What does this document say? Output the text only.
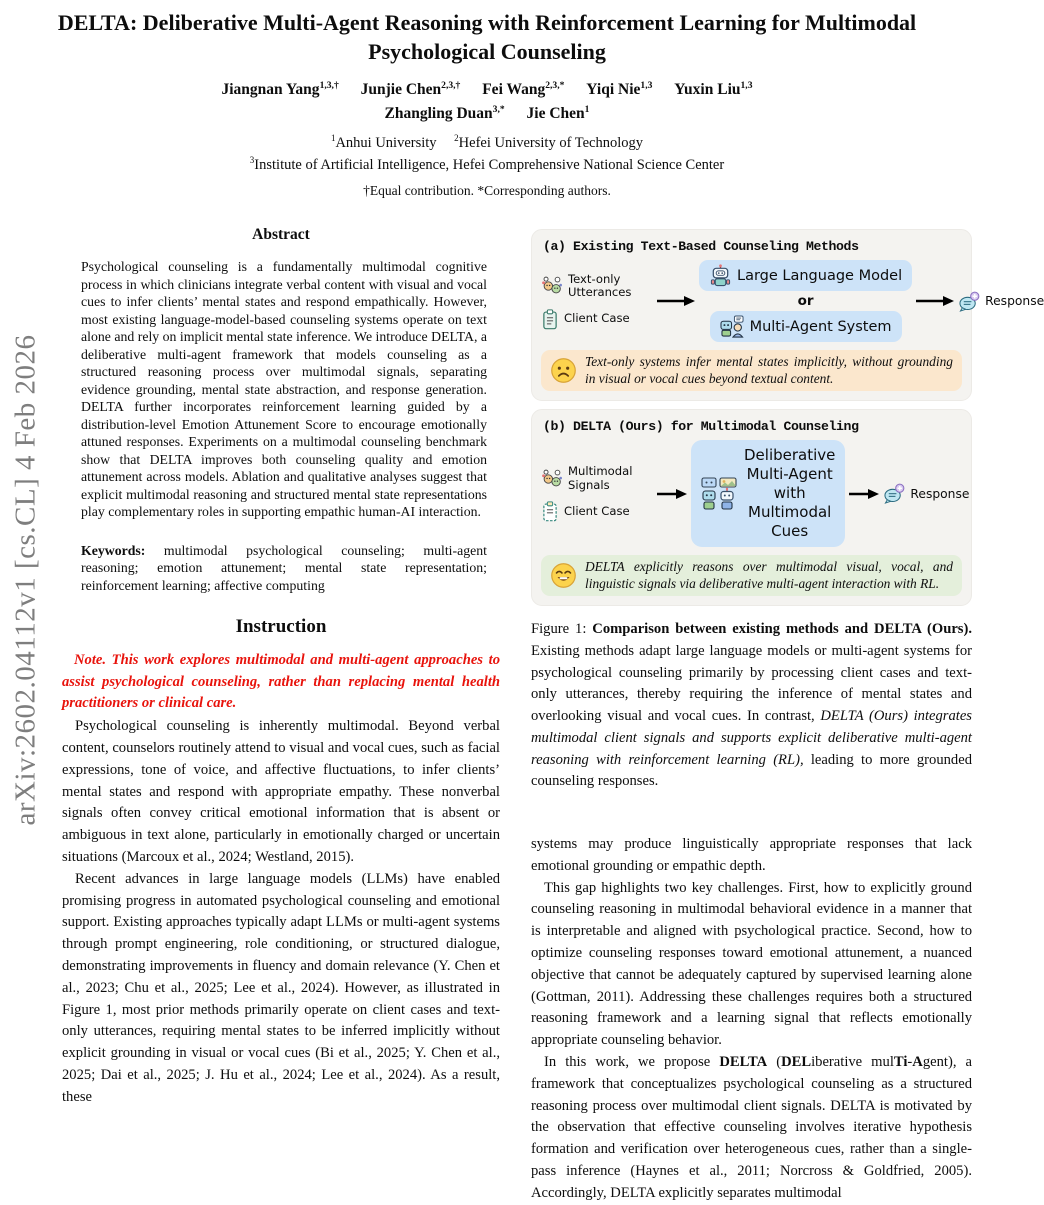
arXiv:2602.04112v1 [cs.CL] 4 Feb 2026
DELTA: Deliberative Multi-Agent Reasoning with Reinforcement Learning for Multimodal Psychological Counseling
Jiangnan Yang$^{1,3,\dagger}$ Junjie Chen$^{2,3,\dagger}$ Fei Wang$^{2,3,*}$ Yiqi Nie$^{1,3}$ Yuxin Liu$^{1,3}$
Zhangling Duan$^{3,*}$ Jie Chen$^1$
$^1$Anhui University $^2$Hefei University of Technology
$^3$Institute of Artificial Intelligence, Hefei Comprehensive National Science Center
†Equal contribution. *Corresponding authors.
Abstract

Psychological counseling is a fundamentally multimodal cognitive process in which clinicians integrate verbal content with visual and vocal cues to infer clients’ mental states and respond empathically. However, most existing language-model-based counseling systems operate on text alone and rely on implicit mental state inference. We introduce DELTA, a deliberative multi-agent framework that models counseling as a structured reasoning process over multimodal signals, separating evidence grounding, mental state abstraction, and response generation. DELTA further incorporates reinforcement learning guided by a distribution-level Emotion Attunement Score to encourage emotionally attuned responses. Experiments on a multimodal counseling benchmark show that DELTA improves both counseling quality and emotion attunement across models. Ablation and qualitative analyses suggest that explicit multimodal reasoning and structured mental state representations play complementary roles in supporting empathic human-AI interaction.

Keywords: multimodal psychological counseling; multi-agent reasoning; emotion attunement; mental state representation; reinforcement learning; affective computing

Instruction

Note. This work explores multimodal and multi-agent approaches to assist psychological counseling, rather than replacing mental health practitioners or clinical care.

Psychological counseling is inherently multimodal. Beyond verbal content, counselors routinely attend to visual and vocal cues, such as facial expressions, tone of voice, and affective fluctuations, to infer clients’ mental states and respond with appropriate empathy. These nonverbal signals often convey critical emotional information that is absent or ambiguous in text alone, particularly in emotionally charged or uncertain situations (Marcoux et al., 2024; Westland, 2015).

Recent advances in large language models (LLMs) have enabled promising progress in automated psychological counseling and emotional support. Existing approaches typically adapt LLMs or multi-agent systems through prompt engineering, role conditioning, or structured dialogue, demonstrating improvements in fluency and domain relevance (Y. Chen et al., 2023; Chu et al., 2025; Lee et al., 2024). However, as illustrated in Figure 1, most prior methods primarily operate on client cases and text-only utterances, requiring mental states to be inferred implicitly without explicit grounding in visual or vocal cues (Bi et al., 2025; Y. Chen et al., 2025; Dai et al., 2025; J. Hu et al., 2024; Lee et al., 2024). As a result, these

(a) Existing Text-Based Counseling Methods
Text-only
Utterances
Client Case
Large Language Model
or
Multi-Agent System
Response
Text-only systems infer mental states implicitly, without grounding in visual or vocal cues beyond textual content.
(b) DELTA (Ours) for Multimodal Counseling
Multimodal
Signals
Client Case
Deliberative Multi-Agent
with Multimodal Cues
Response
DELTA explicitly reasons over multimodal visual, vocal, and linguistic signals via deliberative multi-agent interaction with RL.
Figure 1: Comparison between existing methods and DELTA (Ours). Existing methods adapt large language models or multi-agent systems for psychological counseling primarily by processing client cases and text-only utterances, thereby requiring the inference of mental states and overlooking visual and vocal cues. In contrast, DELTA (Ours) integrates multimodal client signals and supports explicit deliberative multi-agent reasoning with reinforcement learning (RL), leading to more grounded counseling responses.

systems may produce linguistically appropriate responses that lack emotional grounding or empathic depth.

This gap highlights two key challenges. First, how to explicitly ground counseling reasoning in multimodal behavioral evidence in a manner that is interpretable and aligned with psychological practice. Second, how to optimize counseling responses toward emotional attunement, a nuanced objective that cannot be adequately captured by supervised learning alone (Gottman, 2011). Addressing these challenges requires both a structured reasoning framework and a learning signal that reflects emotionally appropriate counseling behavior.

In this work, we propose DELTA (DELiberative mulTi-Agent), a framework that conceptualizes psychological counseling as a structured reasoning process over multimodal client signals. DELTA is motivated by the observation that effective counseling involves iterative hypothesis formation and verification over heterogeneous cues, rather than a single-pass inference (Haynes et al., 2011; Norcross & Goldfried, 2005). Accordingly, DELTA explicitly separates multimodal
